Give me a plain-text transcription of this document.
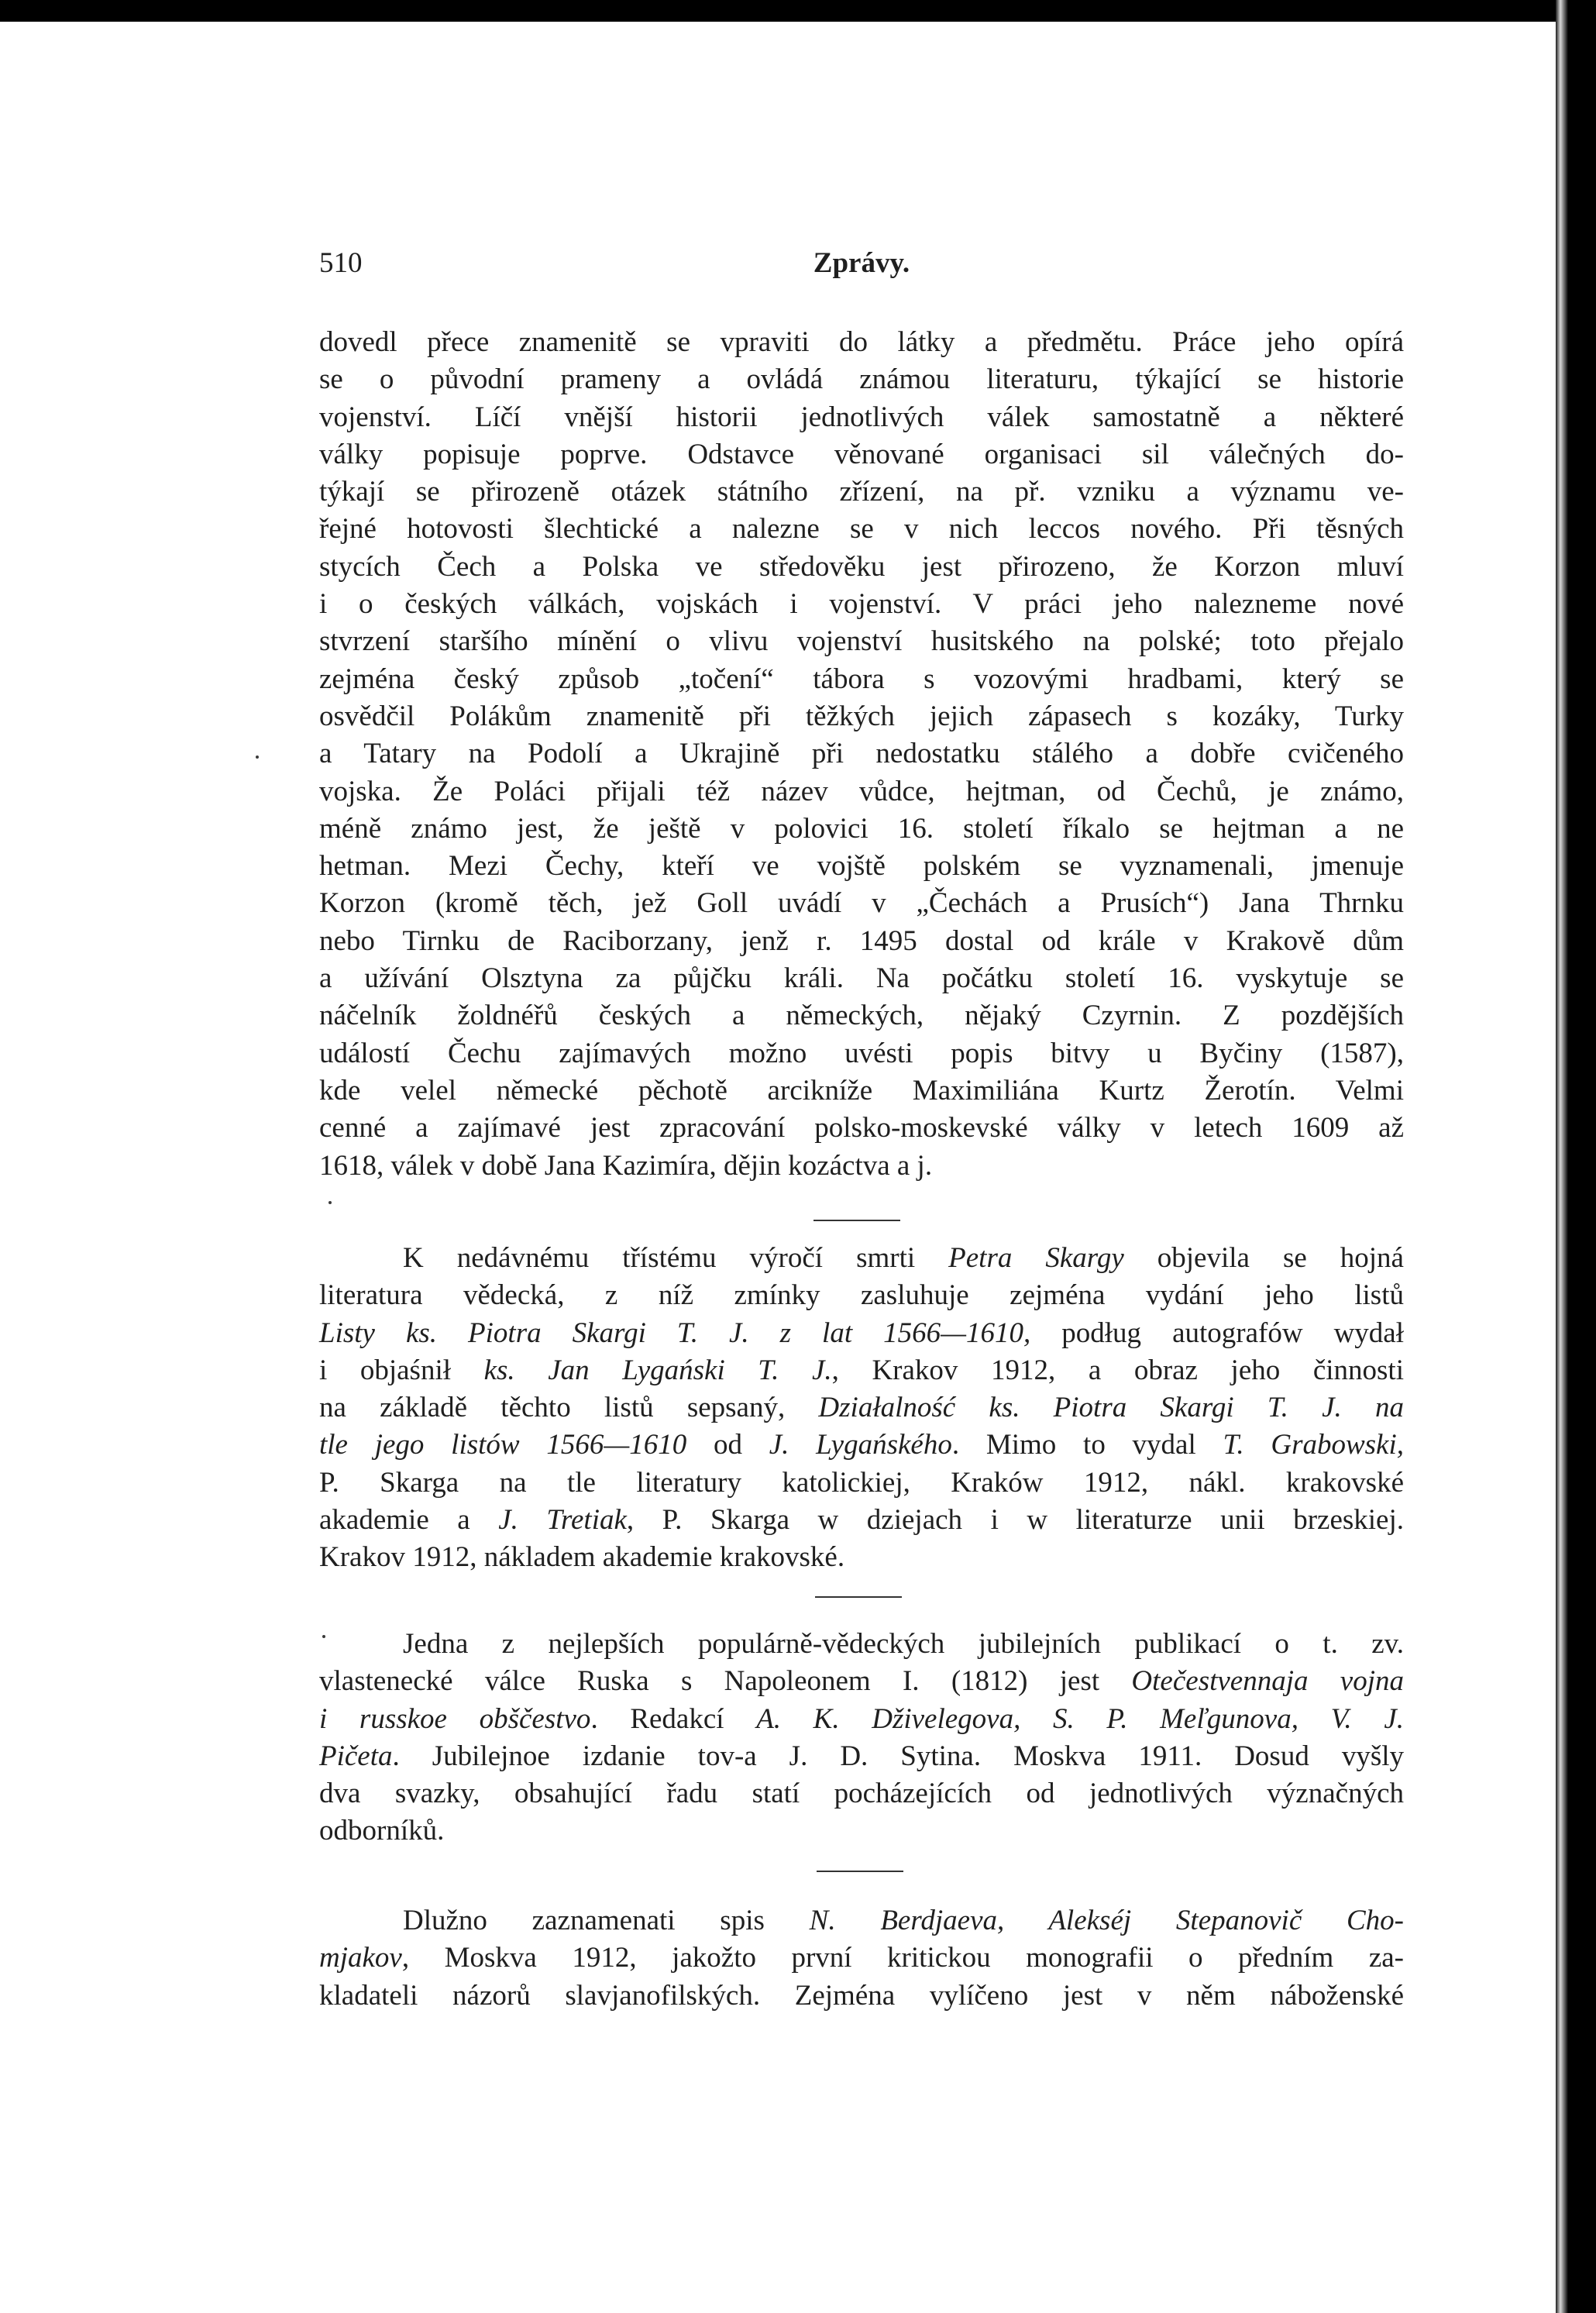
510	Zprávy.
dovedl přece znamenitě se vpraviti do látky a předmětu. Práce jeho opírá
se o původní prameny a ovládá známou literaturu, týkající se historie
vojenství. Líčí vnější historii jednotlivých válek samostatně a některé
války popisuje poprve. Odstavce věnované organisaci sil válečných do-
týkají se přirozeně otázek státního zřízení, na př. vzniku a významu ve-
řejné hotovosti šlechtické a nalezne se v nich leccos nového. Při těsných
stycích Čech a Polska ve středověku jest přirozeno, že Korzon mluví
i o českých válkách, vojskách i vojenství. V práci jeho nalezneme nové
stvrzení staršího mínění o vlivu vojenství husitského na polské; toto přejalo
zejména český způsob „točení“ tábora s vozovými hradbami, který se
osvědčil Polákům znamenitě při těžkých jejich zápasech s kozáky, Turky
a Tatary na Podolí a Ukrajině při nedostatku stálého a dobře cvičeného
vojska. Že Poláci přijali též název vůdce, hejtman, od Čechů, je známo,
méně známo jest, že ještě v polovici 16. století říkalo se hejtman a ne
hetman. Mezi Čechy, kteří ve vojště polském se vyznamenali, jmenuje
Korzon (kromě těch, jež Goll uvádí v „Čechách a Prusích“) Jana Thrnku
nebo Tirnku de Raciborzany, jenž r. 1495 dostal od krále v Krakově dům
a užívání Olsztyna za půjčku králi. Na počátku století 16. vyskytuje se
náčelník žoldnéřů českých a německých, nějaký Czyrnin. Z pozdějších
událostí Čechu zajímavých možno uvésti popis bitvy u Byčiny (1587),
kde velel německé pěchotě arcikníže Maximiliána Kurtz Žerotín. Velmi
cenné a zajímavé jest zpracování polsko-moskevské války v letech 1609 až
1618, válek v době Jana Kazimíra, dějin kozáctva a j.
K nedávnému třístému výročí smrti Petra Skargy objevila se hojná
literatura vědecká, z níž zmínky zasluhuje zejména vydání jeho listů
Listy ks. Piotra Skargi T. J. z lat 1566—1610, podług autografów wydał
i objaśnił ks. Jan Lygański T. J., Krakov 1912, a obraz jeho činnosti
na základě těchto listů sepsaný, Działalność ks. Piotra Skargi T. J. na
tle jego listów 1566—1610 od J. Lygańského. Mimo to vydal T. Grabowski,
P. Skarga na tle literatury katolickiej, Kraków 1912, nákl. krakovské
akademie a J. Tretiak, P. Skarga w dziejach i w literaturze unii brzeskiej.
Krakov 1912, nákladem akademie krakovské.
Jedna z nejlepších populárně-vědeckých jubilejních publikací o t. zv.
vlastenecké válce Ruska s Napoleonem I. (1812) jest Otečestvennaja vojna
i russkoe obščestvo. Redakcí A. K. Dživelegova, S. P. Meľgunova, V. J.
Pičeta. Jubilejnoe izdanie tov-a J. D. Sytina. Moskva 1911. Dosud vyšly
dva svazky, obsahující řadu statí pocházejících od jednotlivých význačných
odborníků.
Dlužno zaznamenati spis N. Berdjaeva, Alekséj Stepanovič Cho-
mjakov, Moskva 1912, jakožto první kritickou monografii o předním za-
kladateli názorů slavjanofilských. Zejména vylíčeno jest v něm náboženské
